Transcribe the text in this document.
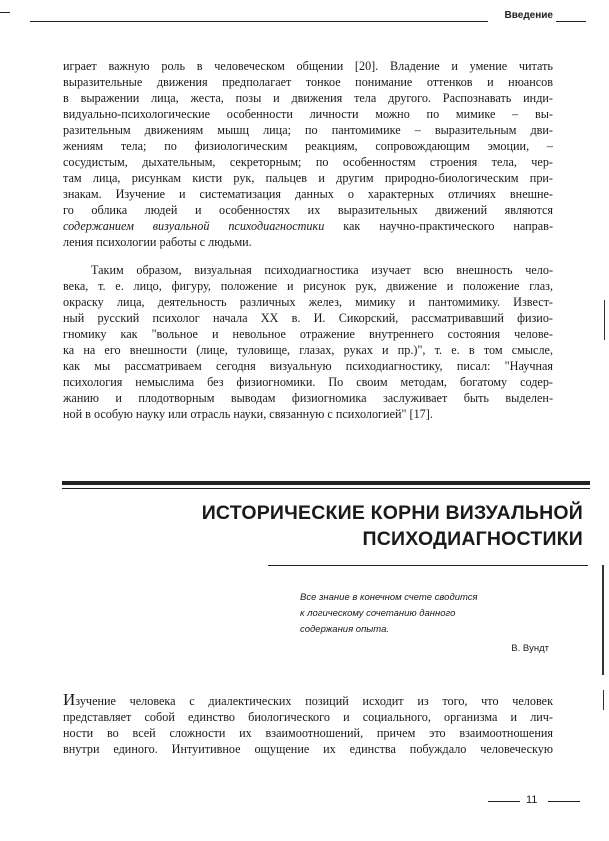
Введение

играет важную роль в человеческом общении [20]. Владение и умение читать
выразительные движения предполагает тонкое понимание оттенков и нюансов
в выражении лица, жеста, позы и движения тела другого. Распознавать инди-
видуально-психологические особенности личности можно по мимике – вы-
разительным движениям мышц лица; по пантомимике – выразительным дви-
жениям тела; по физиологическим реакциям, сопровождающим эмоции, –
сосудистым, дыхательным, секреторным; по особенностям строения тела, чер-
там лица, рисункам кисти рук, пальцев и другим природно-биологическим при-
знакам. Изучение и систематизация данных о характерных отличиях внешне-
го облика людей и особенностях их выразительных движений являются
содержанием визуальной психодиагностики как научно-практического направ-
ления психологии работы с людьми.

Таким образом, визуальная психодиагностика изучает всю внешность чело-
века, т. е. лицо, фигуру, положение и рисунок рук, движение и положение глаз,
окраску лица, деятельность различных желез, мимику и пантомимику. Извест-
ный русский психолог начала XX в. И. Сикорский, рассматривавший физио-
гномику как "вольное и невольное отражение внутреннего состояния челове-
ка на его внешности (лице, туловище, глазах, руках и пр.)", т. е. в том смысле,
как мы рассматриваем сегодня визуальную психодиагностику, писал: "Научная
психология немыслима без физиогномики. По своим методам, богатому содер-
жанию и плодотворным выводам физиогномика заслуживает быть выделен-
ной в особую науку или отрасль науки, связанную с психологией" [17].

ИСТОРИЧЕСКИЕ КОРНИ ВИЗУАЛЬНОЙ
ПСИХОДИАГНОСТИКИ
Все знание в конечном счете сводится
к логическому сочетанию данного
содержания опыта.
В. Вундт

Изучение человека с диалектических позиций исходит из того, что человек
представляет собой единство биологического и социального, организма и лич-
ности во всей сложности их взаимоотношений, причем это взаимоотношения
внутри единого. Интуитивное ощущение их единства побуждало человеческую

11
